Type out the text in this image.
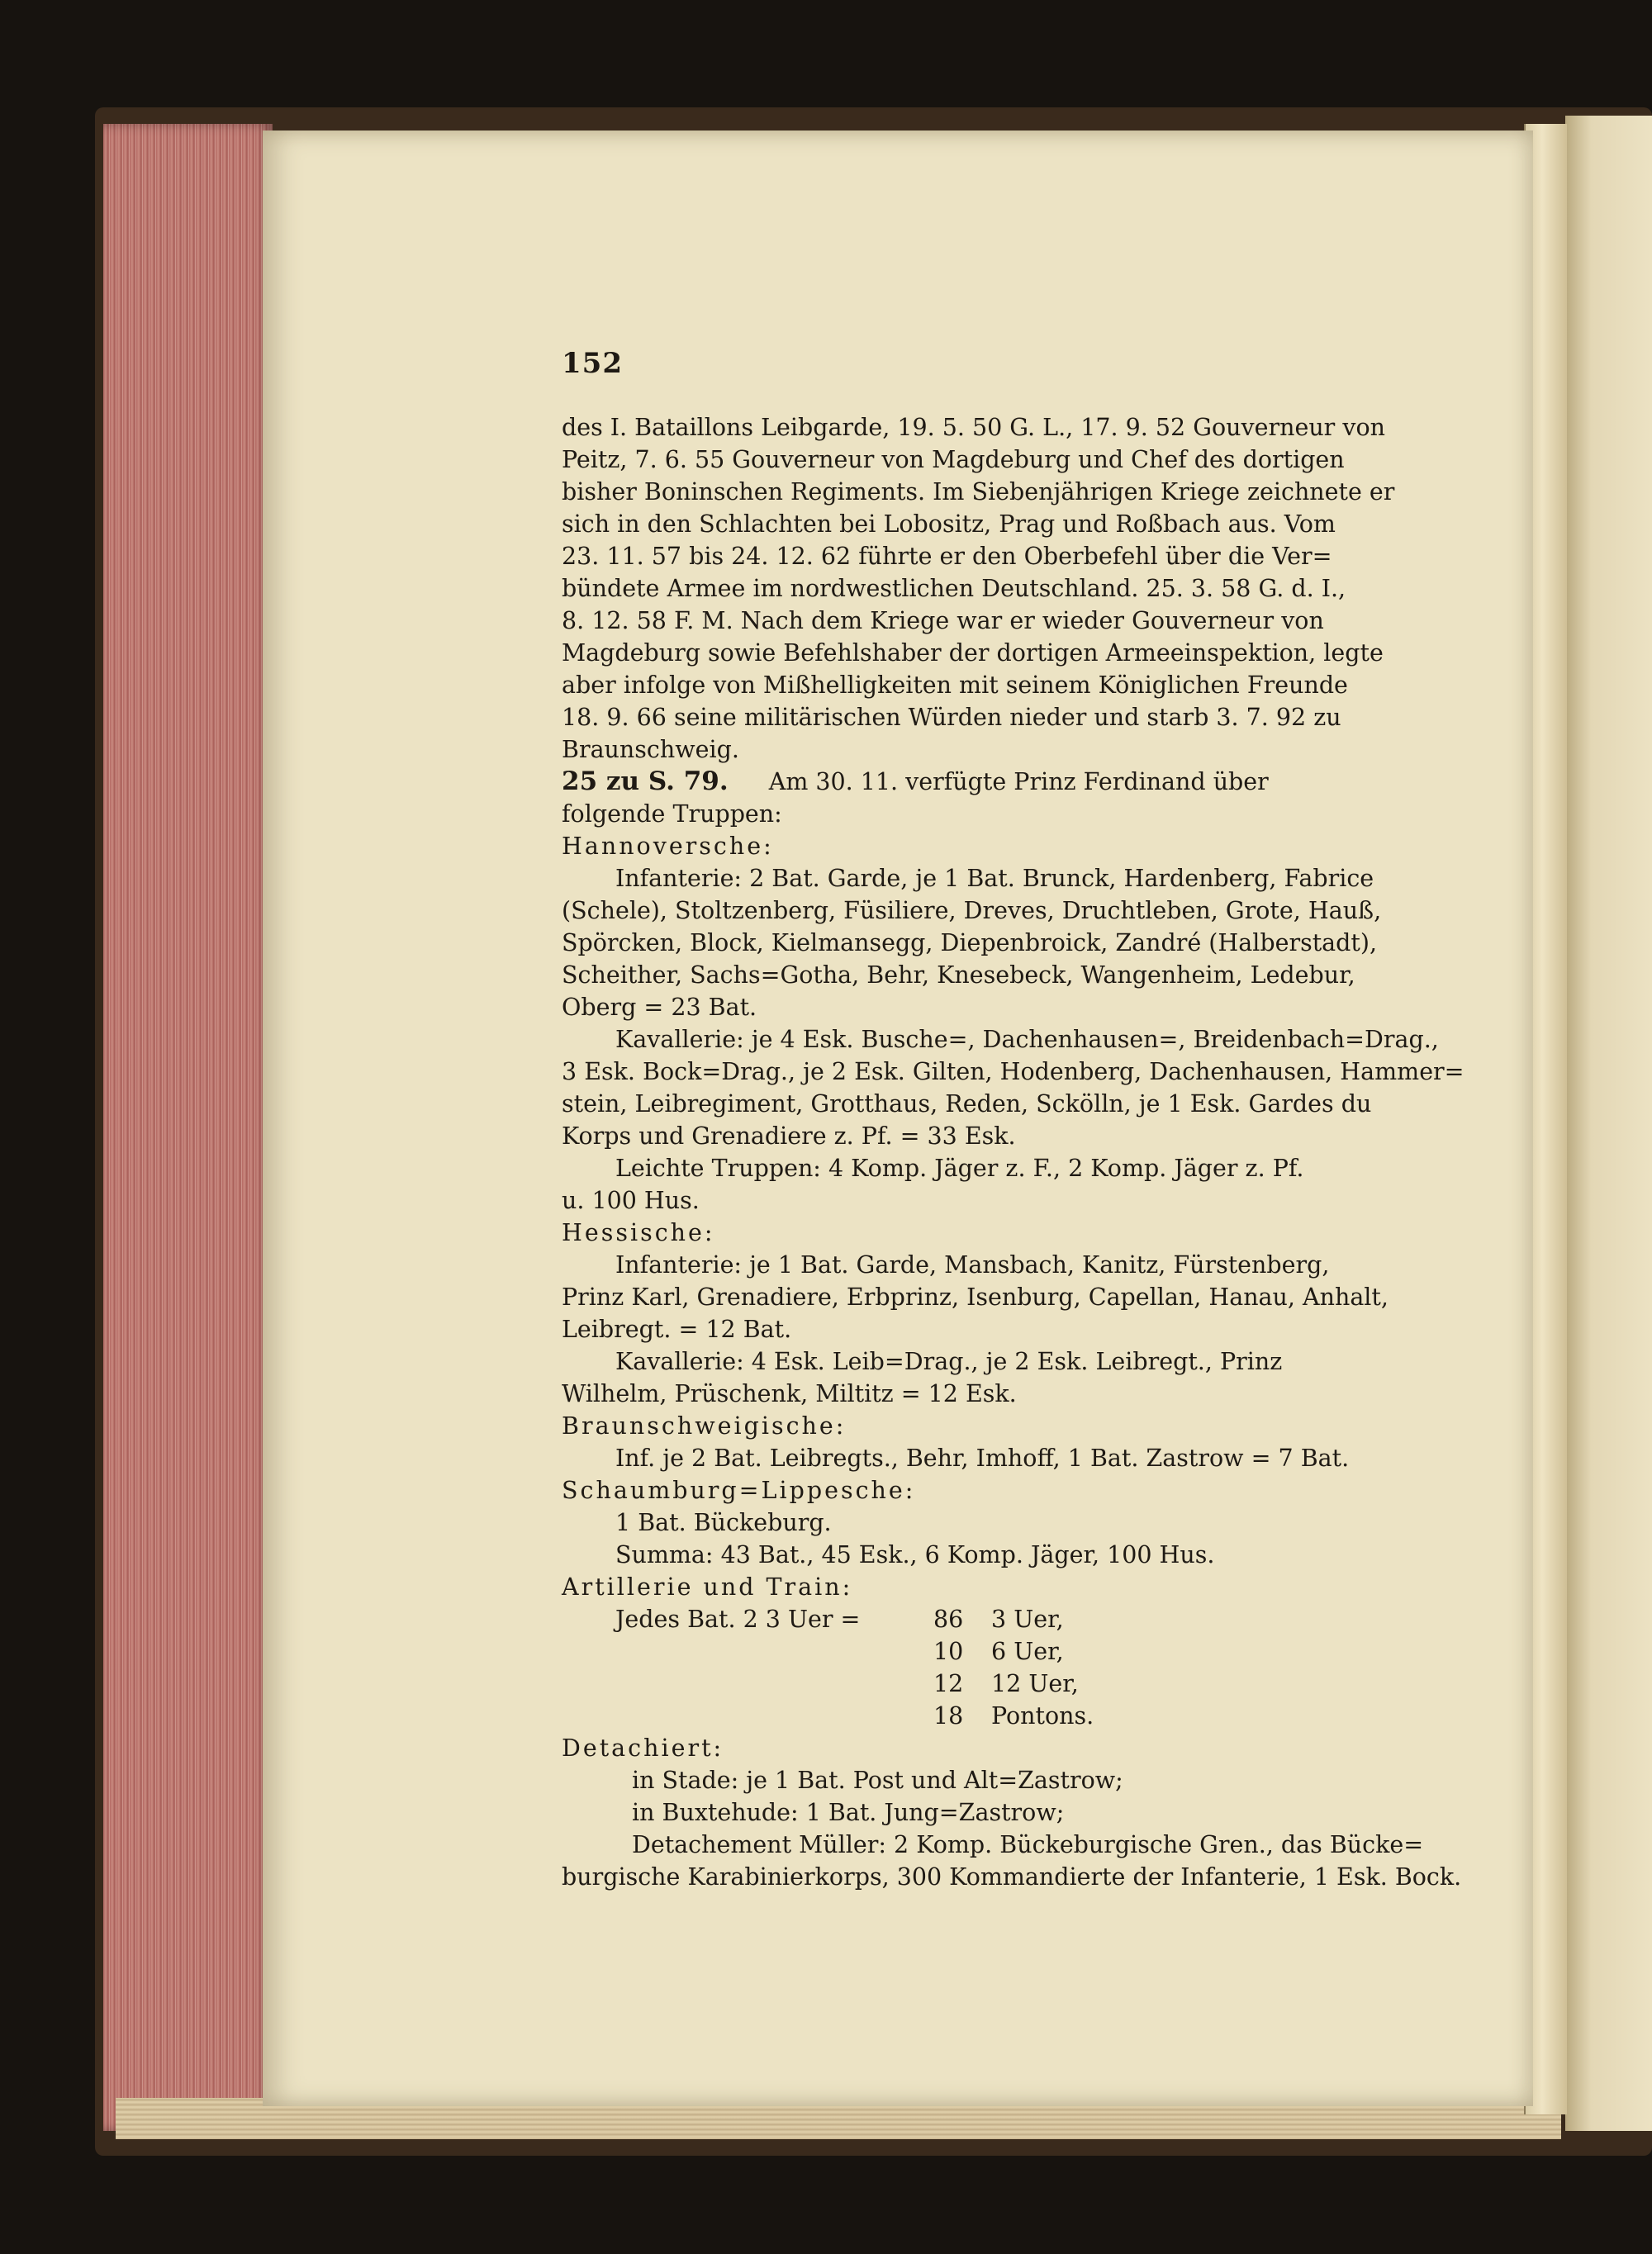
152
des I. Bataillons Leibgarde, 19. 5. 50 G. L., 17. 9. 52 Gouverneur von
Peitz, 7. 6. 55 Gouverneur von Magdeburg und Chef des dortigen
bisher Boninschen Regiments. Im Siebenjährigen Kriege zeichnete er
sich in den Schlachten bei Lobositz, Prag und Roßbach aus. Vom
23. 11. 57 bis 24. 12. 62 führte er den Oberbefehl über die Ver=
bündete Armee im nordwestlichen Deutschland. 25. 3. 58 G. d. I.,
8. 12. 58 F. M. Nach dem Kriege war er wieder Gouverneur von
Magdeburg sowie Befehlshaber der dortigen Armeeinspektion, legte
aber infolge von Mißhelligkeiten mit seinem Königlichen Freunde
18. 9. 66 seine militärischen Würden nieder und starb 3. 7. 92 zu
Braunschweig.
25 zu S. 79. Am 30. 11. verfügte Prinz Ferdinand über
folgende Truppen:
Hannoversche:
Infanterie: 2 Bat. Garde, je 1 Bat. Brunck, Hardenberg, Fabrice
(Schele), Stoltzenberg, Füsiliere, Dreves, Druchtleben, Grote, Hauß,
Spörcken, Block, Kielmansegg, Diepenbroick, Zandré (Halberstadt),
Scheither, Sachs=Gotha, Behr, Knesebeck, Wangenheim, Ledebur,
Oberg = 23 Bat.
Kavallerie: je 4 Esk. Busche=, Dachenhausen=, Breidenbach=Drag.,
3 Esk. Bock=Drag., je 2 Esk. Gilten, Hodenberg, Dachenhausen, Hammer=
stein, Leibregiment, Grotthaus, Reden, Sckölln, je 1 Esk. Gardes du
Korps und Grenadiere z. Pf. = 33 Esk.
Leichte Truppen: 4 Komp. Jäger z. F., 2 Komp. Jäger z. Pf.
u. 100 Hus.
Hessische:
Infanterie: je 1 Bat. Garde, Mansbach, Kanitz, Fürstenberg,
Prinz Karl, Grenadiere, Erbprinz, Isenburg, Capellan, Hanau, Anhalt,
Leibregt. = 12 Bat.
Kavallerie: 4 Esk. Leib=Drag., je 2 Esk. Leibregt., Prinz
Wilhelm, Prüschenk, Miltitz = 12 Esk.
Braunschweigische:
Inf. je 2 Bat. Leibregts., Behr, Imhoff, 1 Bat. Zastrow = 7 Bat.
Schaumburg=Lippesche:
1 Bat. Bückeburg.
Summa: 43 Bat., 45 Esk., 6 Komp. Jäger, 100 Hus.
Artillerie und Train:
Jedes Bat. 2 3 Uer =	86 3 Uer,
10 6 Uer,
12 12 Uer,
18 Pontons.
Detachiert:
in Stade: je 1 Bat. Post und Alt=Zastrow;
in Buxtehude: 1 Bat. Jung=Zastrow;
Detachement Müller: 2 Komp. Bückeburgische Gren., das Bücke=
burgische Karabinierkorps, 300 Kommandierte der Infanterie, 1 Esk. Bock.
